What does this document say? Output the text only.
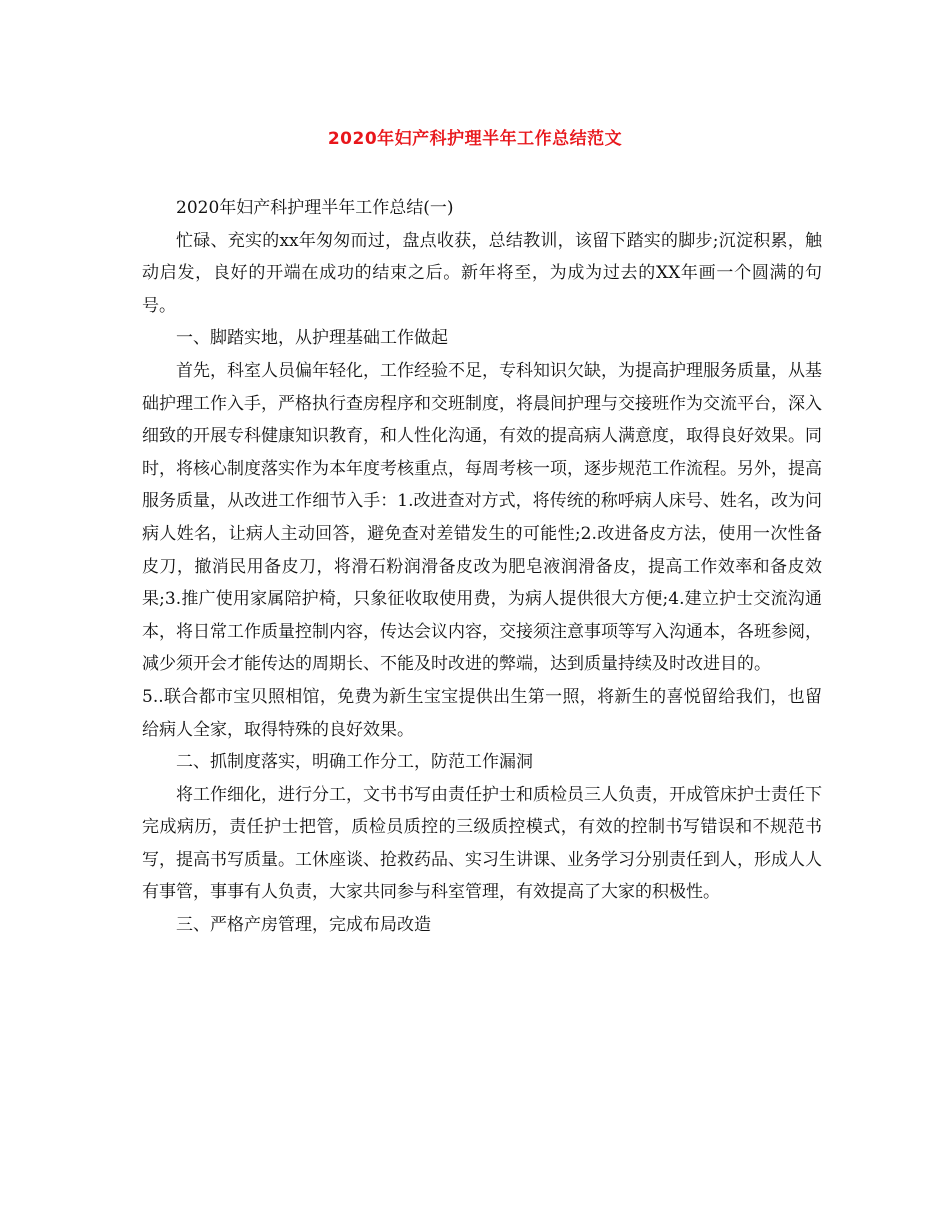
2020年妇产科护理半年工作总结范文

2020年妇产科护理半年工作总结(一)

忙碌、充实的xx年匆匆而过，盘点收获，总结教训，该留下踏实的脚步;沉淀积累，触动启发，良好的开端在成功的结束之后。新年将至，为成为过去的XX年画一个圆满的句号。

一、脚踏实地，从护理基础工作做起

首先，科室人员偏年轻化，工作经验不足，专科知识欠缺，为提高护理服务质量，从基础护理工作入手，严格执行查房程序和交班制度，将晨间护理与交接班作为交流平台，深入细致的开展专科健康知识教育，和人性化沟通，有效的提高病人满意度，取得良好效果。同时，将核心制度落实作为本年度考核重点，每周考核一项，逐步规范工作流程。另外，提高服务质量，从改进工作细节入手：1.改进查对方式，将传统的称呼病人床号、姓名，改为问病人姓名，让病人主动回答，避免查对差错发生的可能性;2.改进备皮方法，使用一次性备皮刀，撤消民用备皮刀，将滑石粉润滑备皮改为肥皂液润滑备皮，提高工作效率和备皮效果;3.推广使用家属陪护椅，只象征收取使用费，为病人提供很大方便;4.建立护士交流沟通本，将日常工作质量控制内容，传达会议内容，交接须注意事项等写入沟通本，各班参阅，减少须开会才能传达的周期长、不能及时改进的弊端，达到质量持续及时改进目的。

5..联合都市宝贝照相馆，免费为新生宝宝提供出生第一照，将新生的喜悦留给我们，也留给病人全家，取得特殊的良好效果。

二、抓制度落实，明确工作分工，防范工作漏洞

将工作细化，进行分工，文书书写由责任护士和质检员三人负责，开成管床护士责任下完成病历，责任护士把管，质检员质控的三级质控模式，有效的控制书写错误和不规范书写，提高书写质量。工休座谈、抢救药品、实习生讲课、业务学习分别责任到人，形成人人有事管，事事有人负责，大家共同参与科室管理，有效提高了大家的积极性。

三、严格产房管理，完成布局改造
